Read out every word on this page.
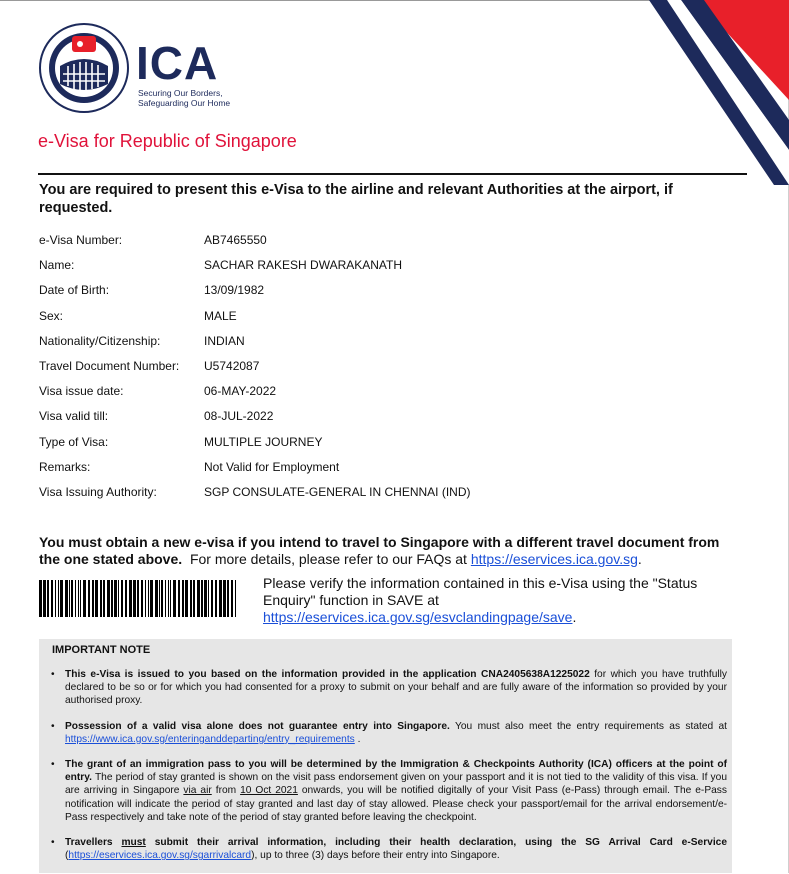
ICA
Securing Our Borders,
Safeguarding Our Home
e-Visa for Republic of Singapore
You are required to present this e-Visa to the airline and relevant Authorities at the airport, if requested.
e-Visa Number:	AB7465550
Name:	SACHAR RAKESH DWARAKANATH
Date of Birth:	13/09/1982
Sex:	MALE
Nationality/Citizenship:	INDIAN
Travel Document Number: U5742087
Visa issue date:	06-MAY-2022
Visa valid till:	08-JUL-2022
Type of Visa:	MULTIPLE JOURNEY
Remarks:	Not Valid for Employment
Visa Issuing Authority:	SGP CONSULATE-GENERAL IN CHENNAI (IND)
You must obtain a new e-visa if you intend to travel to Singapore with a different travel document from the one stated above. For more details, please refer to our FAQs at https://eservices.ica.gov.sg.
Please verify the information contained in this e-Visa using the "Status Enquiry" function in SAVE at
https://eservices.ica.gov.sg/esvclandingpage/save.
IMPORTANT NOTE
• This e-Visa is issued to you based on the information provided in the application CNA2405638A1225022 for which you have truthfully declared to be so or for which you had consented for a proxy to submit on your behalf and are fully aware of the information so provided by your authorised proxy.
• Possession of a valid visa alone does not guarantee entry into Singapore. You must also meet the entry requirements as stated at https://www.ica.gov.sg/enteringanddeparting/entry_requirements .
• The grant of an immigration pass to you will be determined by the Immigration & Checkpoints Authority (ICA) officers at the point of entry. The period of stay granted is shown on the visit pass endorsement given on your passport and it is not tied to the validity of this visa. If you are arriving in Singapore via air from 10 Oct 2021 onwards, you will be notified digitally of your Visit Pass (e-Pass) through email. The e-Pass notification will indicate the period of stay granted and last day of stay allowed. Please check your passport/email for the arrival endorsement/e-Pass respectively and take note of the period of stay granted before leaving the checkpoint.
• Travellers must submit their arrival information, including their health declaration, using the SG Arrival Card e-Service (https://eservices.ica.gov.sg/sgarrivalcard), up to three (3) days before their entry into Singapore.
